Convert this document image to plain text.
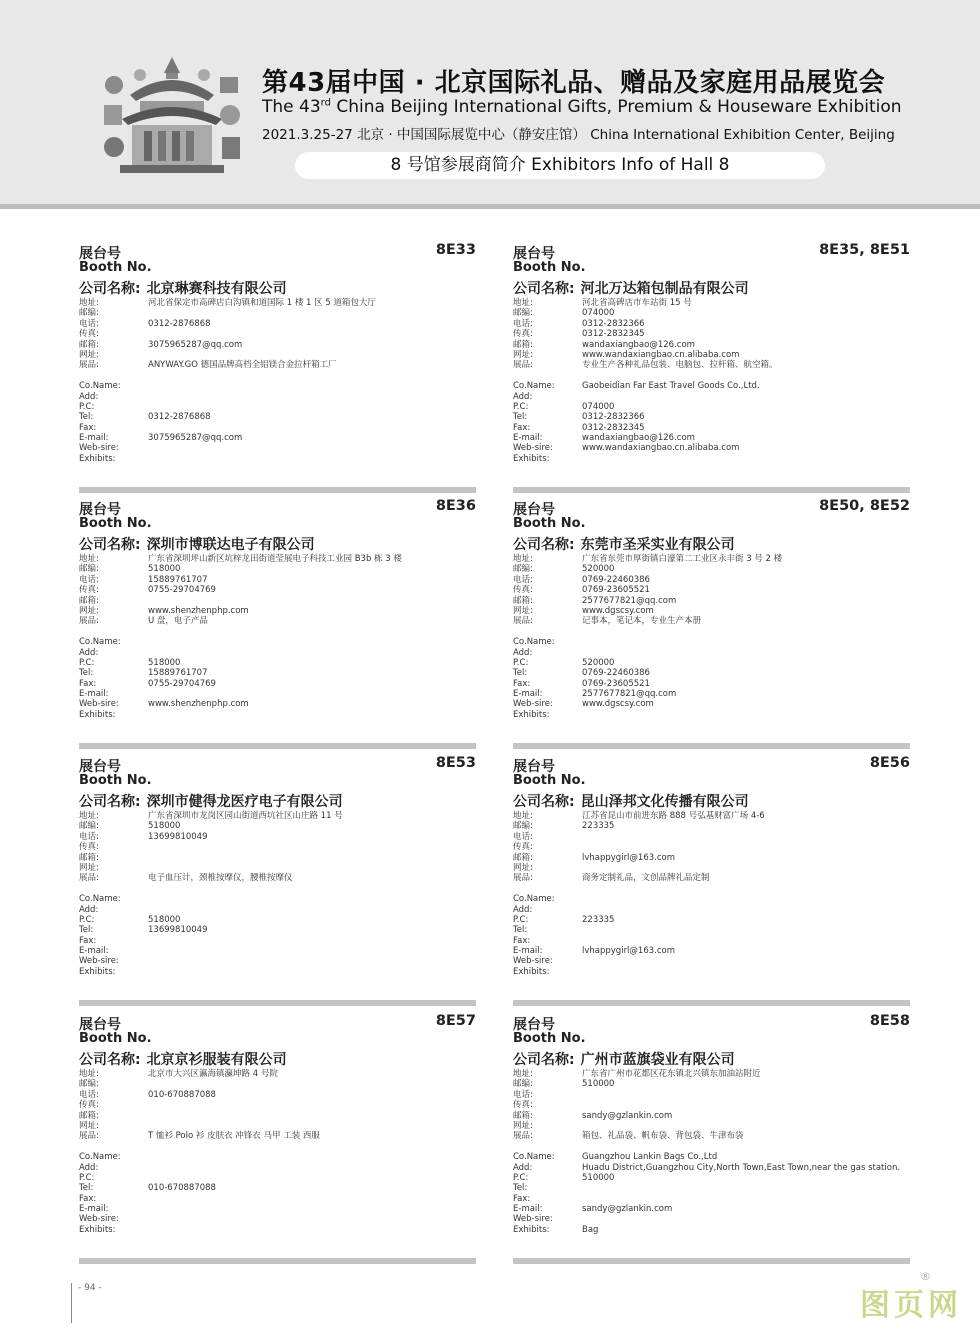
第43届中国 · 北京国际礼品、赠品及家庭用品展览会
The 43rd China Beijing International Gifts, Premium & Houseware Exhibition
2021.3.25-27 北京 · 中国国际展览中心（静安庄馆） China International Exhibition Center, Beijing
8 号馆参展商简介 Exhibitors Info of Hall 8
展台号
Booth No.
8E33
公司名称: 北京琳赛科技有限公司
地址:	河北省保定市高碑店白沟镇和道国际 1 楼 1 区 5 道箱包大厅
邮编:
电话:	0312-2876868
传真:
邮箱:	3075965287@qq.com
网址:
展品:	ANYWAY.GO 德国品牌高档全铝镁合金拉杆箱工厂
Co.Name:
Add:
P.C:
Tel:	0312-2876868
Fax:
E-mail:	3075965287@qq.com
Web-sire:
Exhibits:
展台号
Booth No.
8E35, 8E51
公司名称: 河北万达箱包制品有限公司
地址:	河北省高碑店市车站街 15 号
邮编:	074000
电话:	0312-2832366
传真:	0312-2832345
邮箱:	wandaxiangbao@126.com
网址:	www.wandaxiangbao.cn.alibaba.com
展品:	专业生产各种礼品包装、电脑包、拉杆箱、航空箱。
Co.Name:	Gaobeidian Far East Travel Goods Co.,Ltd.
Add:
P.C:	074000
Tel:	0312-2832366
Fax:	0312-2832345
E-mail:	wandaxiangbao@126.com
Web-sire:	www.wandaxiangbao.cn.alibaba.com
Exhibits:
展台号
Booth No.
8E36
公司名称: 深圳市博联达电子有限公司
地址:	广东省深圳坪山新区坑梓龙田街道莹展电子科技工业园 B3b 栋 3 楼
邮编:	518000
电话:	15889761707
传真:	0755-29704769
邮箱:
网址:	www.shenzhenphp.com
展品:	U 盘，电子产品
Co.Name:
Add:
P.C:	518000
Tel:	15889761707
Fax:	0755-29704769
E-mail:
Web-sire:	www.shenzhenphp.com
Exhibits:
展台号
Booth No.
8E50, 8E52
公司名称: 东莞市圣采实业有限公司
地址:	广东省东莞市厚街镇白濠第二工业区永丰街 3 号 2 楼
邮编:	520000
电话:	0769-22460386
传真:	0769-23605521
邮箱:	2577677821@qq.com
网址:	www.dgscsy.com
展品:	记事本，笔记本，专业生产本册
Co.Name:
Add:
P.C:	520000
Tel:	0769-22460386
Fax:	0769-23605521
E-mail:	2577677821@qq.com
Web-sire:	www.dgscsy.com
Exhibits:
展台号
Booth No.
8E53
公司名称: 深圳市健得龙医疗电子有限公司
地址:	广东省深圳市龙岗区园山街道西坑社区山庄路 11 号
邮编:	518000
电话:	13699810049
传真:
邮箱:
网址:
展品:	电子血压计，颈椎按摩仪，腰椎按摩仪
Co.Name:
Add:
P.C:	518000
Tel:	13699810049
Fax:
E-mail:
Web-sire:
Exhibits:
展台号
Booth No.
8E56
公司名称: 昆山泽邦文化传播有限公司
地址:	江苏省昆山市前进东路 888 号弘基财富广场 4-6
邮编:	223335
电话:
传真:
邮箱:	lvhappygirl@163.com
网址:
展品:	商务定制礼品，文创品牌礼品定制
Co.Name:
Add:
P.C:	223335
Tel:
Fax:
E-mail:	lvhappygirl@163.com
Web-sire:
Exhibits:
展台号
Booth No.
8E57
公司名称: 北京京衫服装有限公司
地址:	北京市大兴区瀛海镇瀛坤路 4 号院
邮编:
电话:	010-670887088
传真:
邮箱:
网址:
展品:	T 恤衫 Polo 衫 皮肤衣 冲锋衣 马甲 工装 西服
Co.Name:
Add:
P.C:
Tel:	010-670887088
Fax:
E-mail:
Web-sire:
Exhibits:
展台号
Booth No.
8E58
公司名称: 广州市蓝旗袋业有限公司
地址:	广东省广州市花都区花东镇北兴镇东加油站附近
邮编:	510000
电话:
传真:
邮箱:	sandy@gzlankin.com
网址:
展品:	箱包、礼品袋、帆布袋、背包袋、牛津布袋
Co.Name:	Guangzhou Lankin Bags Co.,Ltd
Add:	Huadu District,Guangzhou City,North Town,East Town,near the gas station.
P.C:	510000
Tel:
Fax:
E-mail:	sandy@gzlankin.com
Web-sire:
Exhibits:	Bag
- 94 -	图页网
®
